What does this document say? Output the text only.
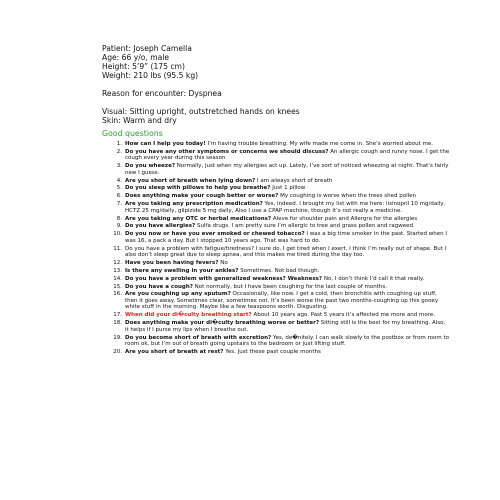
Patient: Joseph Camella
Age: 66 y/o, male
Height: 5’9” (175 cm)
Weight: 210 lbs (95.5 kg)
Reason for encounter: Dyspnea
Visual: Sitting upright, outstretched hands on knees
Skin: Warm and dry
Good questions
1. How can I help you today! I’m having trouble breathing. My wife made me come in. She’s worried about me.
2. Do you have any other symptoms or concerns we should discuss? An allergic cough and runny nose. I get the cough every year during this season
3. Do you wheeze? Normally, just when my allergies act up. Lately, I’ve sort of noticed wheezing at night. That’s fairly new I guess.
4. Are you short of breath when lying down? I am always short of breath
5. Do you sleep with pillows to help you breathe? Just 1 pillow
6. Does anything make your cough better or worse? My coughing is worse when the trees shed pollen
7. Are you taking any prescription medication? Yes, indeed. I brought my list with me here: lisinopril 10 mg/daily, HCTZ 25 mg/daily, glipizide 5 mg daily, Also I use a CPAP machine, though it’s not really a medicine.
8. Are you taking any OTC or herbal medications? Aleve for shoulder pain and Allergra for the allergies
9. Do you have allergies? Sulfa drugs. I am pretty sure I’m allergic to tree and grass pollen and ragweed.
10. Do you now or have you ever smoked or chewed tobacco? I was a big time smoker in the past. Started when I was 16, a pack a day. But I stopped 10 years ago. That was hard to do.
11. Do you have a problem with fatigue/tiredness? I sure do. I get tired when I exert. I think I’m really out of shape. But I also don’t sleep great due to sleep apnea, and this makes me tired during the day too.
12. Have you been having fevers? No
13. Is there any swelling in your ankles? Sometimes. Not bad though.
14. Do you have a problem with generalized weakness? Weakness? No, I don’t think I’d call it that really.
15. Do you have a cough? Not normally, but I have been coughing for the last couple of months.
16. Are you coughing up any sputum? Occasionally, like now. I get a cold, then bronchitis with coughing up stuff, then it goes away. Sometimes clear, sometimes not. It’s been worse the past two months-coughing up this gooey white stuff in the morning. Maybe like a few teaspoons worth. Disgusting.
17. When did your di�culty breathing start? About 10 years ago. Past 5 years it’s affected me more and more.
18. Does anything make your di�culty breathing worse or better? Sitting still is the best for my breathing. Also, it helps if I purse my lips when I breathe out.
19. Do you become short of breath with excretion? Yes, de�nitely. I can walk slowly to the postbox or from room to room ok, but I’m out of breath going upstairs to the bedroom or just lifting stuff.
20. Are you short of breath at rest? Yes. Just these past couple months
